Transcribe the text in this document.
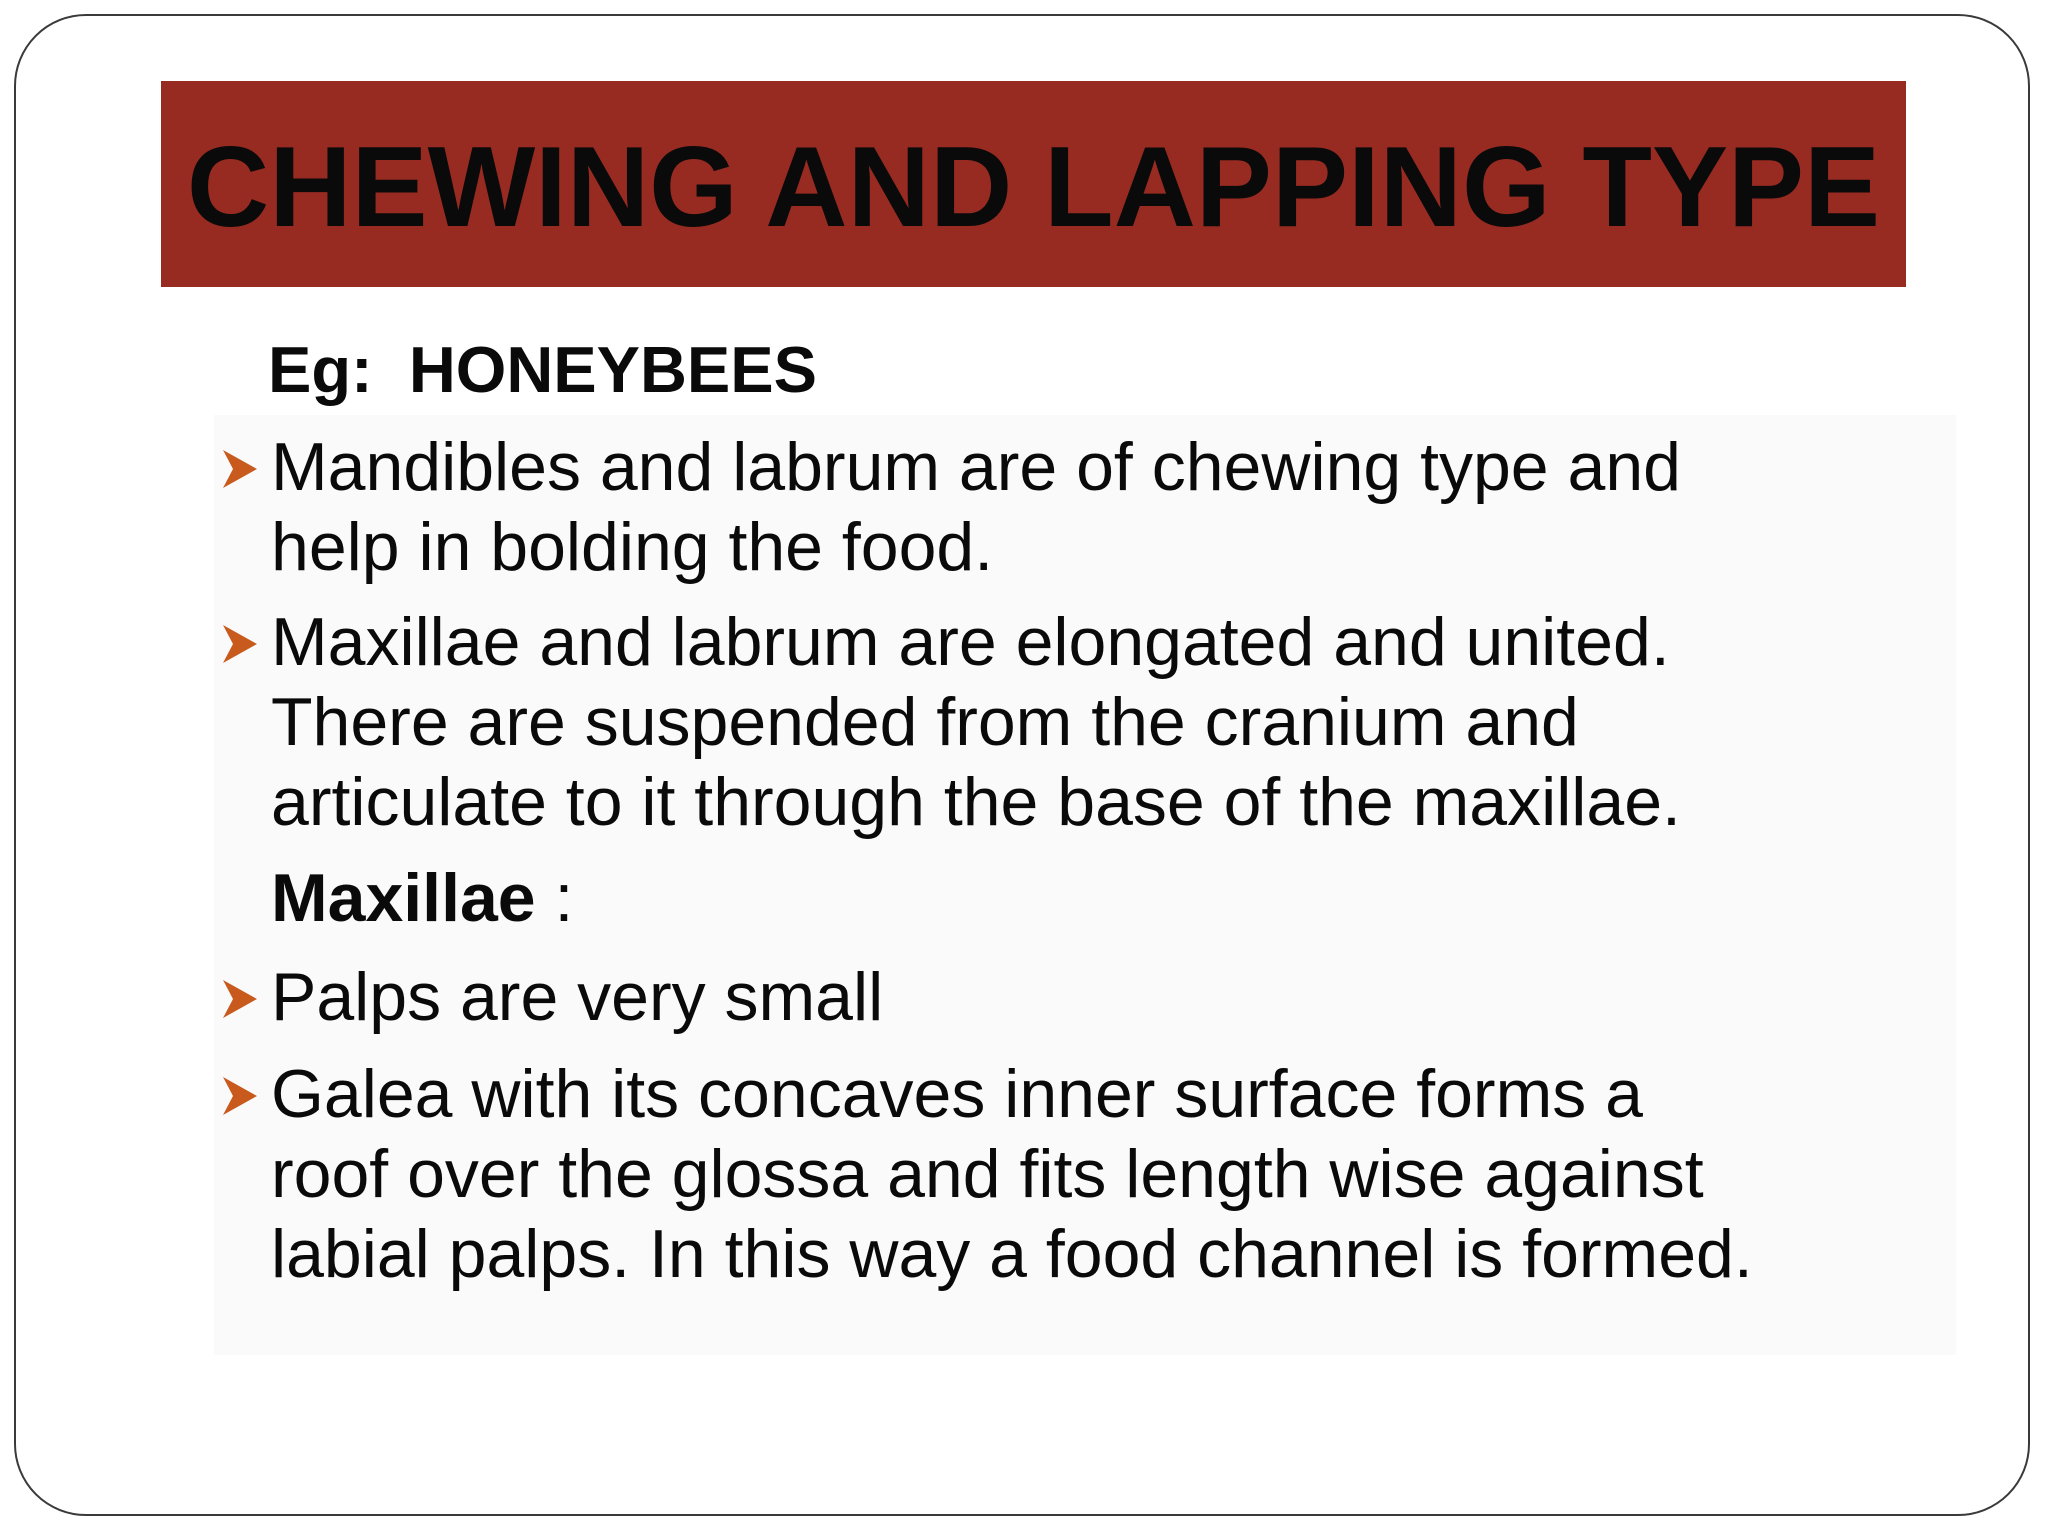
CHEWING AND LAPPING TYPE
Eg:  HONEYBEES
Mandibles and labrum are of chewing type and
help in bolding the food.
Maxillae and labrum are elongated and united.
There are suspended from the cranium and
articulate to it through the base of the maxillae.
Maxillae :
Palps are very small
Galea with its concaves inner surface forms a
roof over the glossa and fits length wise against
labial palps. In this way a food channel is formed.
